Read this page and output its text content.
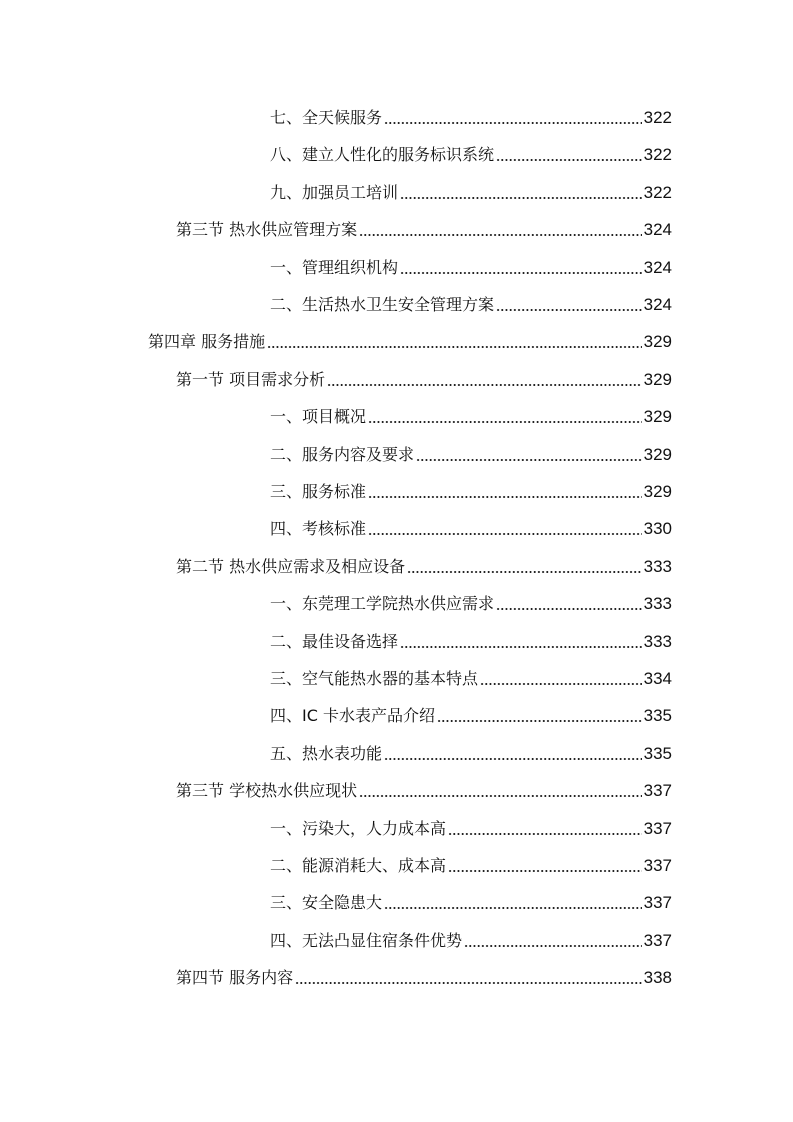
七、全天候服务	322
八、建立人性化的服务标识系统	322
九、加强员工培训	322
第三节 热水供应管理方案	324
一、管理组织机构	324
二、生活热水卫生安全管理方案	324
第四章 服务措施	329
第一节 项目需求分析	329
一、项目概况	329
二、服务内容及要求	329
三、服务标准	329
四、考核标准	330
第二节 热水供应需求及相应设备	333
一、东莞理工学院热水供应需求	333
二、最佳设备选择	333
三、空气能热水器的基本特点	334
四、IC 卡水表产品介绍	335
五、热水表功能	335
第三节 学校热水供应现状	337
一、污染大，人力成本高	337
二、能源消耗大、成本高	337
三、安全隐患大	337
四、无法凸显住宿条件优势	337
第四节 服务内容	338
